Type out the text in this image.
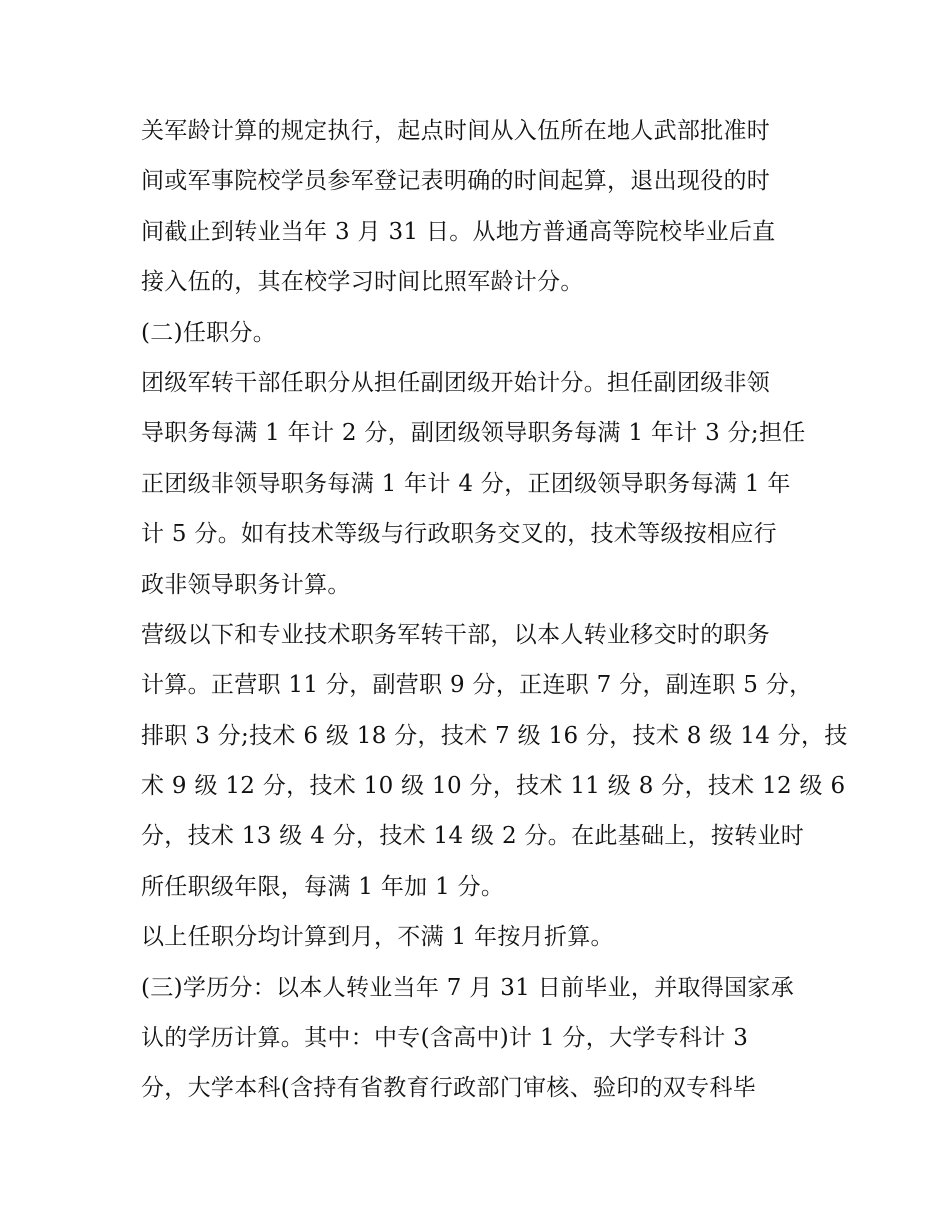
关军龄计算的规定执行，起点时间从入伍所在地人武部批准时
间或军事院校学员参军登记表明确的时间起算，退出现役的时
间截止到转业当年 3 月 31 日。从地方普通高等院校毕业后直
接入伍的，其在校学习时间比照军龄计分。
(二)任职分。
团级军转干部任职分从担任副团级开始计分。担任副团级非领
导职务每满 1 年计 2 分，副团级领导职务每满 1 年计 3 分;担任
正团级非领导职务每满 1 年计 4 分，正团级领导职务每满 1 年
计 5 分。如有技术等级与行政职务交叉的，技术等级按相应行
政非领导职务计算。
营级以下和专业技术职务军转干部，以本人转业移交时的职务
计算。正营职 11 分，副营职 9 分，正连职 7 分，副连职 5 分，
排职 3 分;技术 6 级 18 分，技术 7 级 16 分，技术 8 级 14 分，技
术 9 级 12 分，技术 10 级 10 分，技术 11 级 8 分，技术 12 级 6
分，技术 13 级 4 分，技术 14 级 2 分。在此基础上，按转业时
所任职级年限，每满 1 年加 1 分。
以上任职分均计算到月，不满 1 年按月折算。
(三)学历分：以本人转业当年 7 月 31 日前毕业，并取得国家承
认的学历计算。其中：中专(含高中)计 1 分，大学专科计 3
分，大学本科(含持有省教育行政部门审核、验印的双专科毕
